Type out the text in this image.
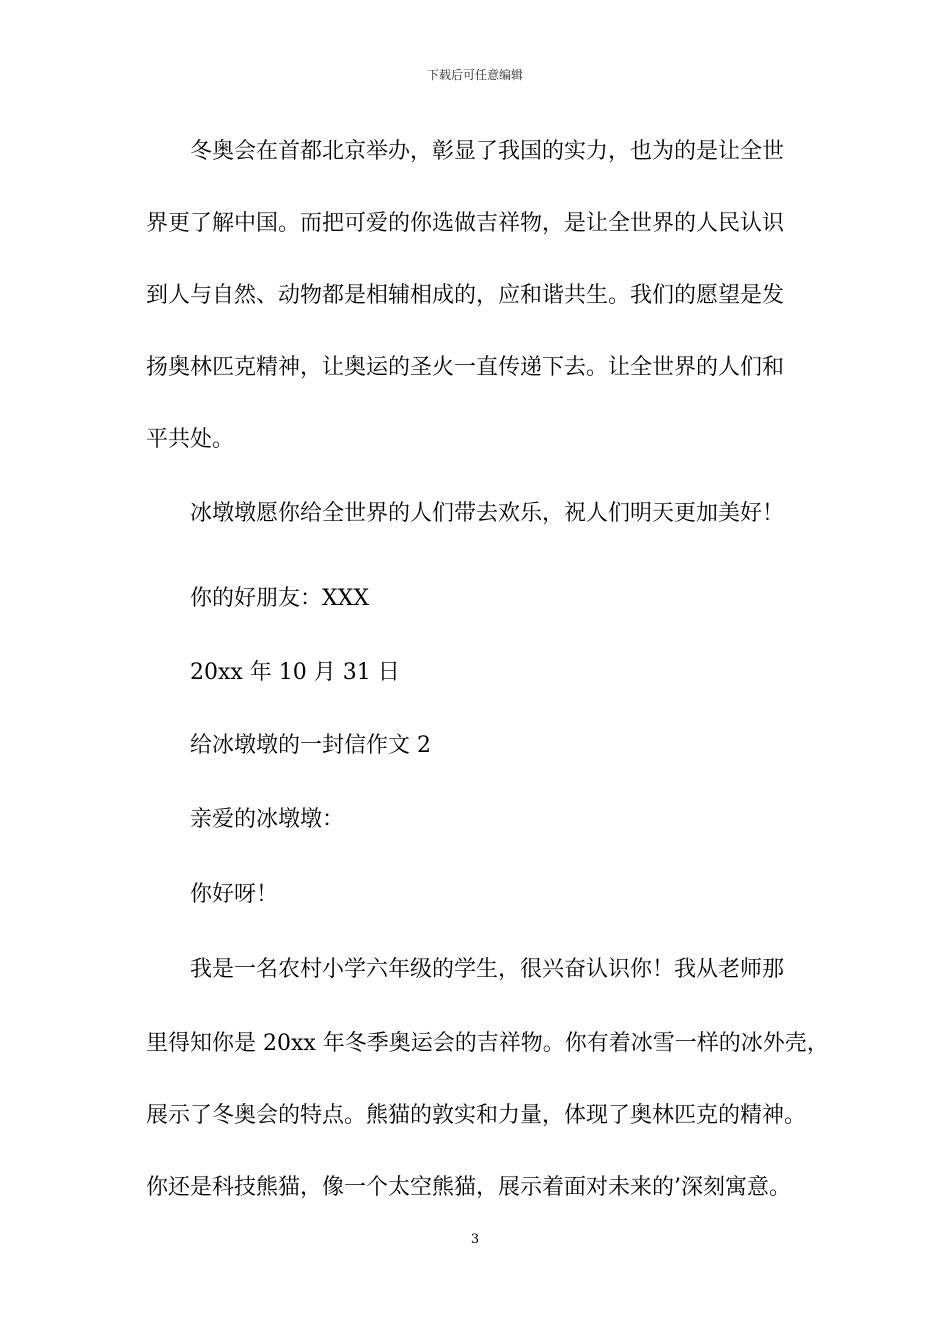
下载后可任意编辑
冬奥会在首都北京举办，彰显了我国的实力，也为的是让全世
界更了解中国。而把可爱的你选做吉祥物，是让全世界的人民认识
到人与自然、动物都是相辅相成的，应和谐共生。我们的愿望是发
扬奥林匹克精神，让奥运的圣火一直传递下去。让全世界的人们和
平共处。
冰墩墩愿你给全世界的人们带去欢乐，祝人们明天更加美好！
你的好朋友：XXX
20xx 年 10 月 31 日
给冰墩墩的一封信作文 2
亲爱的冰墩墩：
你好呀！
我是一名农村小学六年级的学生，很兴奋认识你！我从老师那
里得知你是 20xx 年冬季奥运会的吉祥物。你有着冰雪一样的冰外壳，
展示了冬奥会的特点。熊猫的敦实和力量，体现了奥林匹克的精神。
你还是科技熊猫，像一个太空熊猫，展示着面对未来的’深刻寓意。
3
